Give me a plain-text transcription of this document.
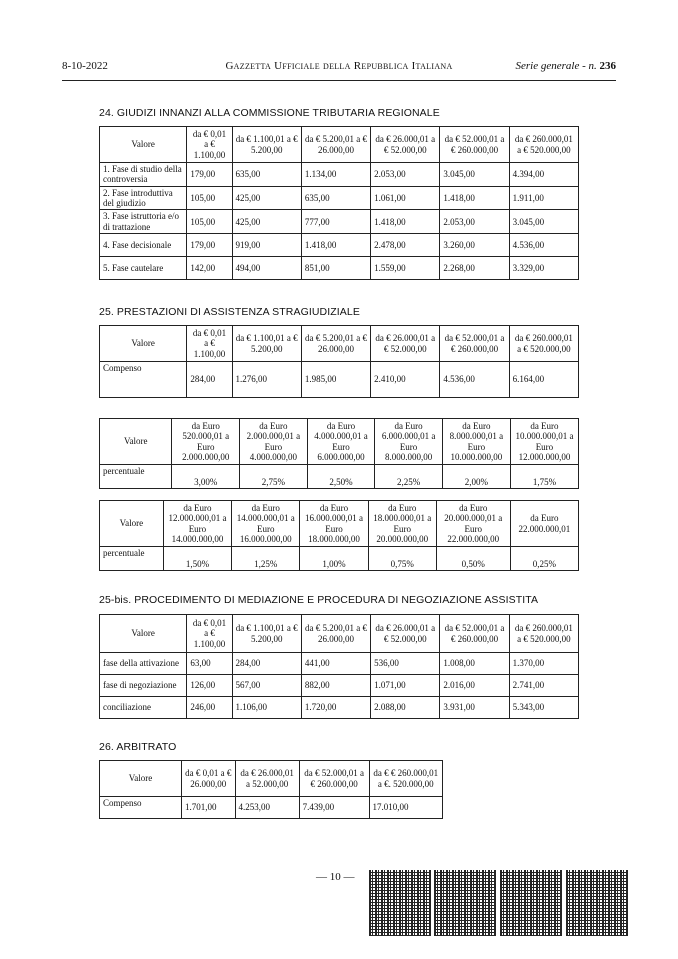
8-10-2022	Gazzetta Ufficiale della Repubblica Italiana	Serie generale - n. 236
24. GIUDIZI INNANZI ALLA COMMISSIONE TRIBUTARIA REGIONALE
Valore	da € 0,01 a € 1.100,00	da € 1.100,01 a € 5.200,00	da € 5.200,01 a € 26.000,00	da € 26.000,01 a € 52.000,00	da € 52.000,01 a € 260.000,00	da € 260.000,01 a € 520.000,00
1. Fase di studio della controversia	179,00	635,00	1.134,00	2.053,00	3.045,00	4.394,00
2. Fase introduttiva del giudizio	105,00	425,00	635,00	1.061,00	1.418,00	1.911,00
3. Fase istruttoria e/o di trattazione	105,00	425,00	777,00	1.418,00	2.053,00	3.045,00
4. Fase decisionale	179,00	919,00	1.418,00	2.478,00	3.260,00	4.536,00
5. Fase cautelare	142,00	494,00	851,00	1.559,00	2.268,00	3.329,00
25. PRESTAZIONI DI ASSISTENZA STRAGIUDIZIALE
Valore	da € 0,01 a € 1.100,00	da € 1.100,01 a € 5.200,00	da € 5.200,01 a € 26.000,00	da € 26.000,01 a € 52.000,00	da € 52.000,01 a € 260.000,00	da € 260.000,01 a € 520.000,00
Compenso	284,00	1.276,00	1.985,00	2.410,00	4.536,00	6.164,00
Valore	da Euro 520.000,01 a Euro 2.000.000,00	da Euro 2.000.000,01 a Euro 4.000.000,00	da Euro 4.000.000,01 a Euro 6.000.000,00	da Euro 6.000.000,01 a Euro 8.000.000,00	da Euro 8.000.000,01 a Euro 10.000.000,00	da Euro 10.000.000,01 a Euro 12.000.000,00
percentuale	3,00%	2,75%	2,50%	2,25%	2,00%	1,75%
Valore	da Euro 12.000.000,01 a Euro 14.000.000,00	da Euro 14.000.000,01 a Euro 16.000.000,00	da Euro 16.000.000,01 a Euro 18.000.000,00	da Euro 18.000.000,01 a Euro 20.000.000,00	da Euro 20.000.000,01 a Euro 22.000.000,00	da Euro 22.000.000,01
percentuale	1,50%	1,25%	1,00%	0,75%	0,50%	0,25%
25-bis. PROCEDIMENTO DI MEDIAZIONE E PROCEDURA DI NEGOZIAZIONE ASSISTITA
Valore	da € 0,01 a € 1.100,00	da € 1.100,01 a € 5.200,00	da € 5.200,01 a € 26.000,00	da € 26.000,01 a € 52.000,00	da € 52.000,01 a € 260.000,00	da € 260.000,01 a € 520.000,00
fase della attivazione	63,00	284,00	441,00	536,00	1.008,00	1.370,00
fase di negoziazione	126,00	567,00	882,00	1.071,00	2.016,00	2.741,00
conciliazione	246,00	1.106,00	1.720,00	2.088,00	3.931,00	5.343,00
26. ARBITRATO
Valore	da € 0,01 a € 26.000,00	da € 26.000,01 a 52.000,00	da € 52.000,01 a € 260.000,00	da € € 260.000,01 a €. 520.000,00
Compenso	1.701,00	4.253,00	7.439,00	17.010,00
— 10 —
